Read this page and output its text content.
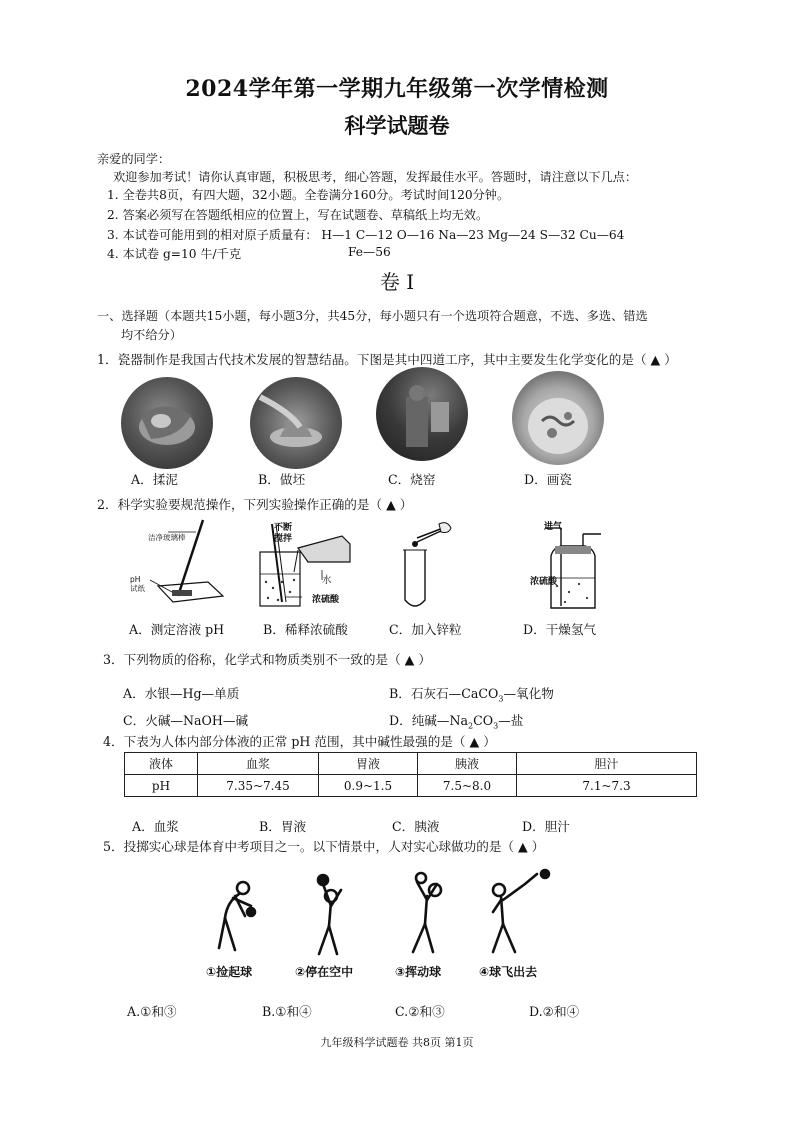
2024学年第一学期九年级第一次学情检测
科学试题卷
亲爱的同学：
欢迎参加考试！请你认真审题，积极思考，细心答题，发挥最佳水平。答题时，请注意以下几点：
1. 全卷共8页，有四大题，32小题。全卷满分160分。考试时间120分钟。
2. 答案必须写在答题纸相应的位置上，写在试题卷、草稿纸上均无效。
3. 本试卷可能用到的相对原子质量有： H—1 C—12 O—16 Na—23 Mg—24 S—32 Cu—64
4. 本试卷 g=10 牛/千克	Fe—56
卷 I
一、选择题（本题共15小题，每小题3分，共45分，每小题只有一个选项符合题意，不选、多选、错选
均不给分）
1．瓷器制作是我国古代技术发展的智慧结晶。下图是其中四道工序，其中主要发生化学变化的是（ ▲ ）
A．揉泥	B．做坯	C．烧窑	D．画瓷
2．科学实验要规范操作，下列实验操作正确的是（ ▲ ）
洁净玻璃棒
pH
试纸
不断
搅拌
水
浓硫酸
进气
浓硫酸
A．测定溶液 pH	B．稀释浓硫酸	C．加入锌粒	D．干燥氢气
3．下列物质的俗称，化学式和物质类别不一致的是（ ▲ ）
A．水银—Hg—单质	B．石灰石—CaCO$_3$—氧化物
C．火碱—NaOH—碱	D．纯碱$—Na_2CO_3—$盐
4．下表为人体内部分体液的正常 pH 范围，其中碱性最强的是（ ▲ ）
液体	血浆	胃液	胰液	胆汁
pH	7.35~7.45	0.9~1.5	7.5~8.0	7.1~7.3
A．血浆	B．胃液	C．胰液	D．胆汁
5．投掷实心球是体育中考项目之一。以下情景中，人对实心球做功的是（ ▲ ）
①捡起球	②停在空中	③挥动球	④球飞出去
A.①和③	B.①和④	C.②和③	D.②和④
九年级科学试题卷 共8页 第1页
